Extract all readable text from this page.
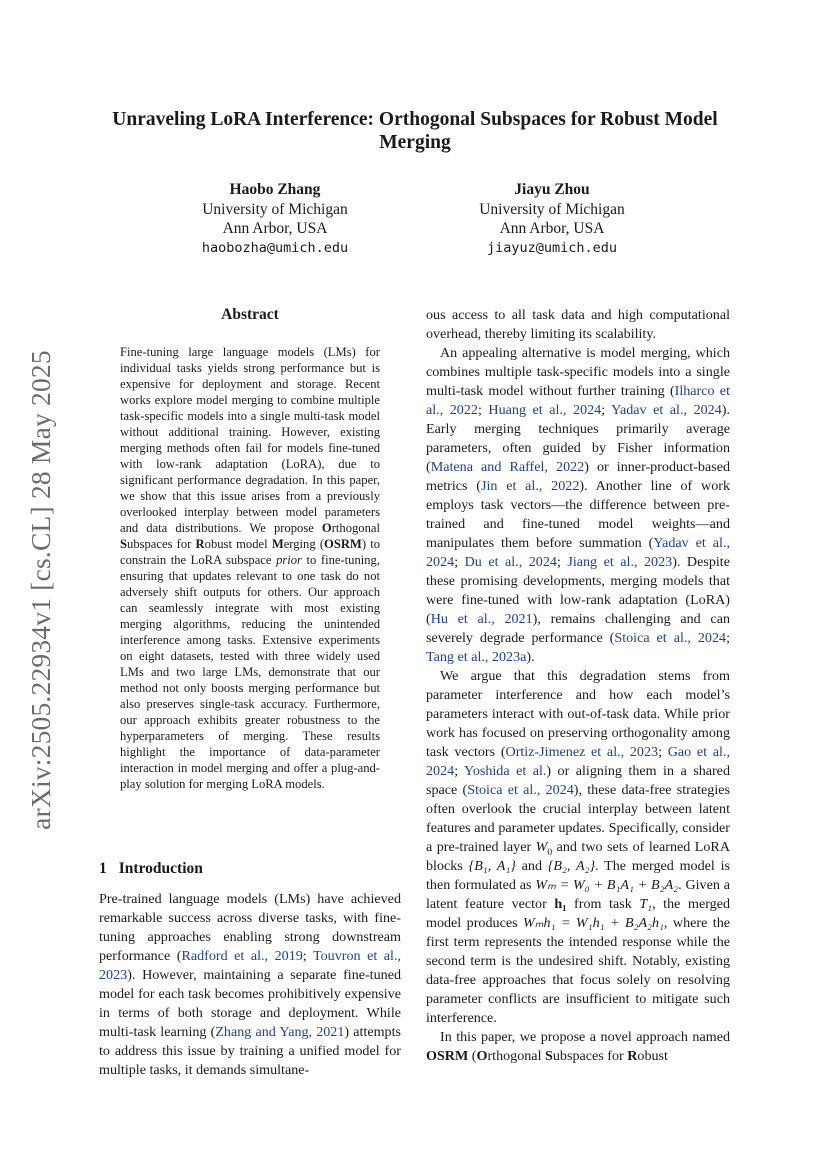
arXiv:2505.22934v1 [cs.CL] 28 May 2025
Unraveling LoRA Interference: Orthogonal Subspaces for Robust Model Merging
Haobo Zhang
University of Michigan
Ann Arbor, USA
haobozha@umich.edu
Jiayu Zhou
University of Michigan
Ann Arbor, USA
jiayuz@umich.edu
Abstract
Fine-tuning large language models (LMs) for individual tasks yields strong performance but is expensive for deployment and storage. Recent works explore model merging to combine multiple task-specific models into a single multi-task model without additional training. However, existing merging methods often fail for models fine-tuned with low-rank adaptation (LoRA), due to significant performance degradation. In this paper, we show that this issue arises from a previously overlooked interplay between model parameters and data distributions. We propose Orthogonal Subspaces for Robust model Merging (OSRM) to constrain the LoRA subspace prior to fine-tuning, ensuring that updates relevant to one task do not adversely shift outputs for others. Our approach can seamlessly integrate with most existing merging algorithms, reducing the unintended interference among tasks. Extensive experiments on eight datasets, tested with three widely used LMs and two large LMs, demonstrate that our method not only boosts merging performance but also preserves single-task accuracy. Furthermore, our approach exhibits greater robustness to the hyperparameters of merging. These results highlight the importance of data-parameter interaction in model merging and offer a plug-and-play solution for merging LoRA models.
1 Introduction

Pre-trained language models (LMs) have achieved remarkable success across diverse tasks, with fine-tuning approaches enabling strong downstream performance (Radford et al., 2019; Touvron et al., 2023). However, maintaining a separate fine-tuned model for each task becomes prohibitively expensive in terms of both storage and deployment. While multi-task learning (Zhang and Yang, 2021) attempts to address this issue by training a unified model for multiple tasks, it demands simultane-

ous access to all task data and high computational overhead, thereby limiting its scalability.

An appealing alternative is model merging, which combines multiple task-specific models into a single multi-task model without further training (Ilharco et al., 2022; Huang et al., 2024; Yadav et al., 2024). Early merging techniques primarily average parameters, often guided by Fisher information (Matena and Raffel, 2022) or inner-product-based metrics (Jin et al., 2022). Another line of work employs task vectors—the difference between pre-trained and fine-tuned model weights—and manipulates them before summation (Yadav et al., 2024; Du et al., 2024; Jiang et al., 2023). Despite these promising developments, merging models that were fine-tuned with low-rank adaptation (LoRA) (Hu et al., 2021), remains challenging and can severely degrade performance (Stoica et al., 2024; Tang et al., 2023a).

We argue that this degradation stems from parameter interference and how each model’s parameters interact with out-of-task data. While prior work has focused on preserving orthogonality among task vectors (Ortiz-Jimenez et al., 2023; Gao et al., 2024; Yoshida et al.) or aligning them in a shared space (Stoica et al., 2024), these data-free strategies often overlook the crucial interplay between latent features and parameter updates. Specifically, consider a pre-trained layer $W_0$ and two sets of learned LoRA blocks {B₁, A₁} and {B₂, A₂}. The merged model is then formulated as Wₘ = W₀ + B₁A₁ + B₂A₂. Given a latent feature vector h₁ from task T₁, the merged model produces Wₘh₁ = W₁h₁ + B₂A₂h₁, where the first term represents the intended response while the second term is the undesired shift. Notably, existing data-free approaches that focus solely on resolving parameter conflicts are insufficient to mitigate such interference.

In this paper, we propose a novel approach named OSRM (Orthogonal Subspaces for Robust
